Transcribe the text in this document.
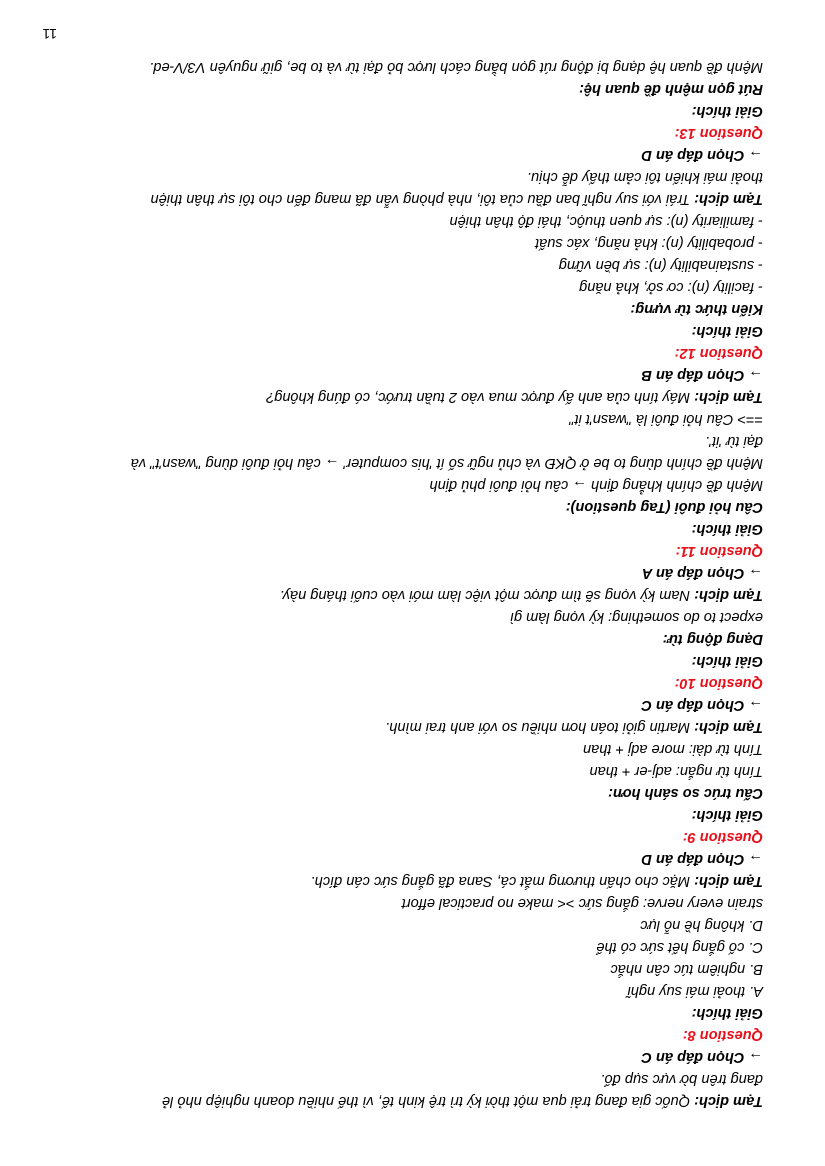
Tạm dịch: Quốc gia đang trải qua một thời kỳ trì trệ kinh tế, vì thế nhiều doanh nghiệp nhỏ lẻ

đang trên bờ vực sụp đổ.

→ Chọn đáp án C

Question 8:

Giải thích:

A. thoải mái suy nghĩ

B. nghiêm túc cân nhắc

C. cố gắng hết sức có thể

D. không hề nỗ lực

strain every nerve: gắng sức >< make no practical effort

Tạm dịch: Mặc cho chấn thương mắt cá, Sana đã gắng sức cán đích.

→ Chọn đáp án D

Question 9:

Giải thích:

Cấu trúc so sánh hơn:

Tính từ ngắn: adj-er + than

Tính từ dài: more adj + than

Tạm dịch: Martin giỏi toán hơn nhiều so với anh trai mình.

→ Chọn đáp án C

Question 10:

Giải thích:

Dạng động từ:

expect to do something: kỳ vọng làm gì

Tạm dịch: Nam kỳ vọng sẽ tìm được một việc làm mới vào cuối tháng này.

→ Chọn đáp án A

Question 11:

Giải thích:

Câu hỏi đuôi (Tag question):

Mệnh đề chính khẳng định → câu hỏi đuôi phủ định

Mệnh đề chính dùng to be ở QKĐ và chủ ngữ số ít 'his computer' → câu hỏi đuôi dùng "wasn't" và

đại từ 'it'.

==> Câu hỏi đuôi là "wasn't it"

Tạm dịch: Máy tính của anh ấy được mua vào 2 tuần trước, có đúng không?

→ Chọn đáp án B

Question 12:

Giải thích:

Kiến thức từ vựng:

- facility (n): cơ sở, khả năng

- sustainability (n): sự bền vững

- probability (n): khả năng, xác suất

- familiarity (n): sự quen thuộc, thái độ thân thiện

Tạm dịch: Trái với suy nghĩ ban đầu của tôi, nhà phòng vẫn đã mang đến cho tôi sự thân thiện

thoải mái khiến tôi cảm thấy dễ chịu.

→ Chọn đáp án D

Question 13:

Giải thích:

Rút gọn mệnh đề quan hệ:

Mệnh đề quan hệ dạng bị động rút gọn bằng cách lược bỏ đại từ và to be, giữ nguyên V3/V-ed.

11
